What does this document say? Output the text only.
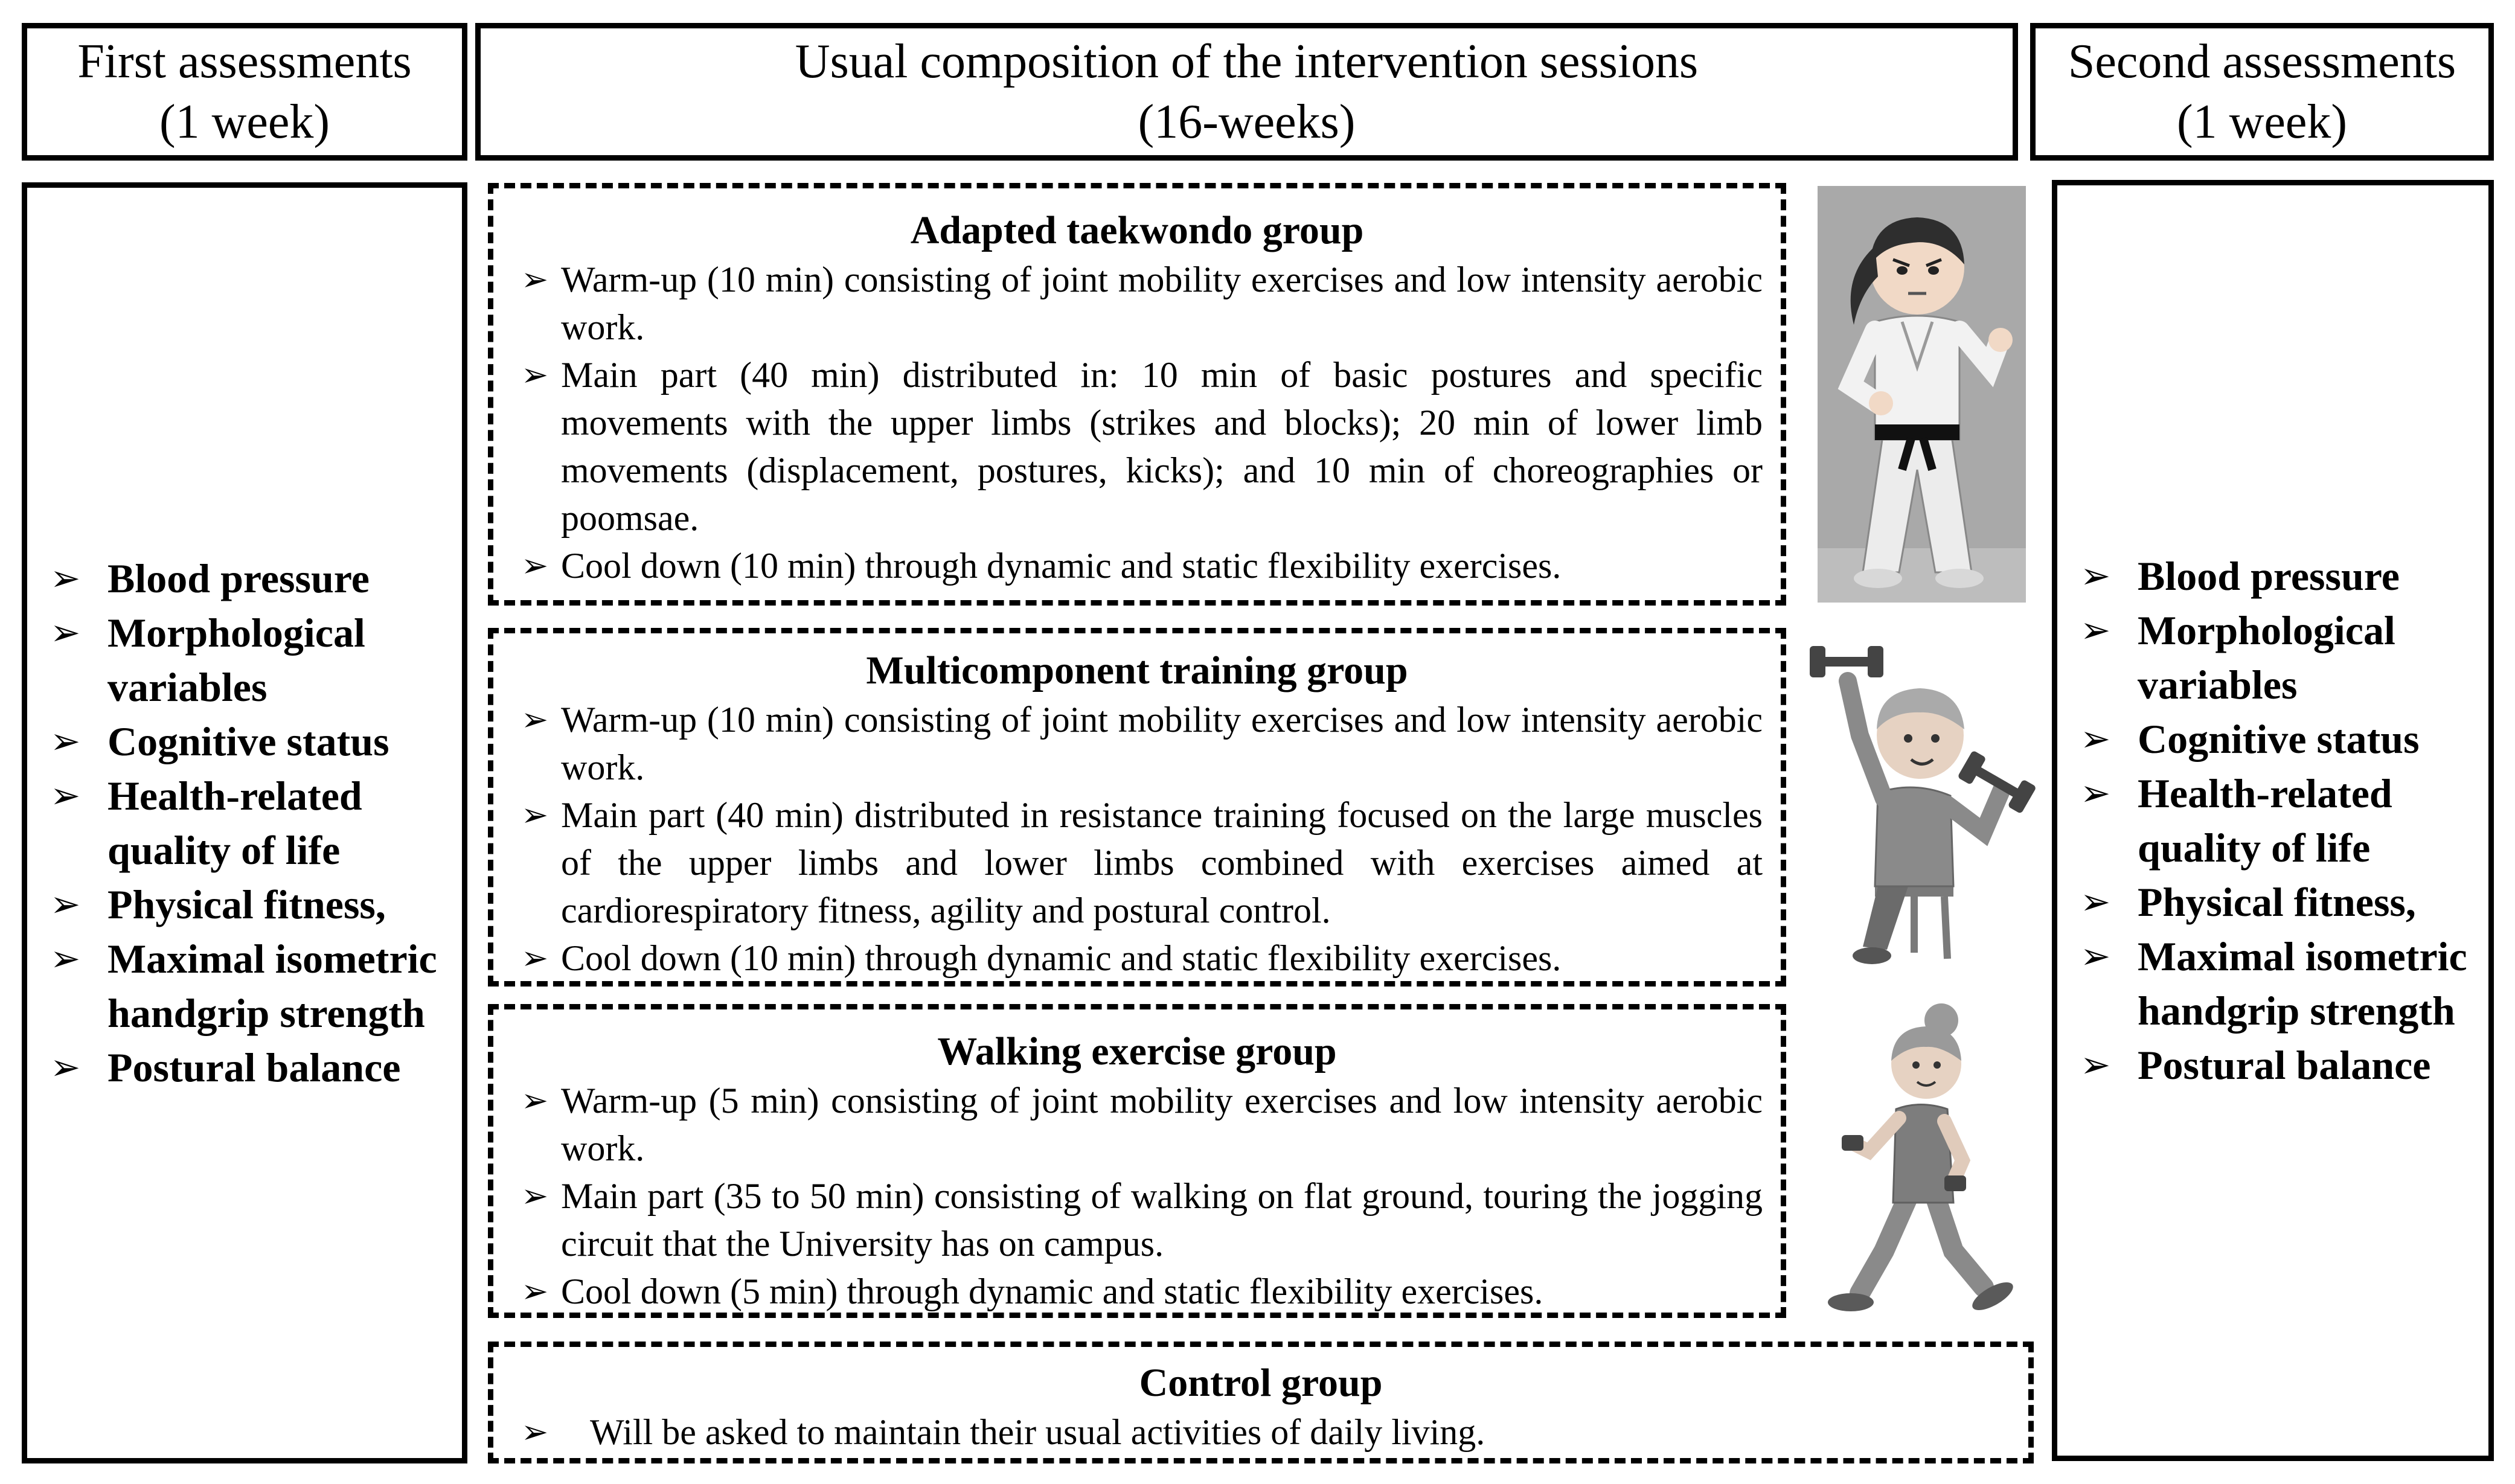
First assessments
(1 week)
Usual composition of the intervention sessions
(16-weeks)
Second assessments
(1 week)
➢ Blood pressure
➢ Morphological variables
➢ Cognitive status
➢ Health-related quality of life
➢ Physical fitness,
➢ Maximal isometric handgrip strength
➢ Postural balance
➢ Blood pressure
➢ Morphological variables
➢ Cognitive status
➢ Health-related quality of life
➢ Physical fitness,
➢ Maximal isometric handgrip strength
➢ Postural balance
Adapted taekwondo group
➢ Warm-up (10 min) consisting of joint mobility exercises and low intensity aerobic work.
➢ Main part (40 min) distributed in: 10 min of basic postures and specific movements with the upper limbs (strikes and blocks); 20 min of lower limb movements (displacement, postures, kicks); and 10 min of choreographies or poomsae.
➢ Cool down (10 min) through dynamic and static flexibility exercises.
Multicomponent training group
➢ Warm-up (10 min) consisting of joint mobility exercises and low intensity aerobic work.
➢ Main part (40 min) distributed in resistance training focused on the large muscles of the upper limbs and lower limbs combined with exercises aimed at cardiorespiratory fitness, agility and postural control.
➢ Cool down (10 min) through dynamic and static flexibility exercises.
Walking exercise group
➢ Warm-up (5 min) consisting of joint mobility exercises and low intensity aerobic work.
➢ Main part (35 to 50 min) consisting of walking on flat ground, touring the jogging circuit that the University has on campus.
➢ Cool down (5 min) through dynamic and static flexibility exercises.
Control group
➢ Will be asked to maintain their usual activities of daily living.
